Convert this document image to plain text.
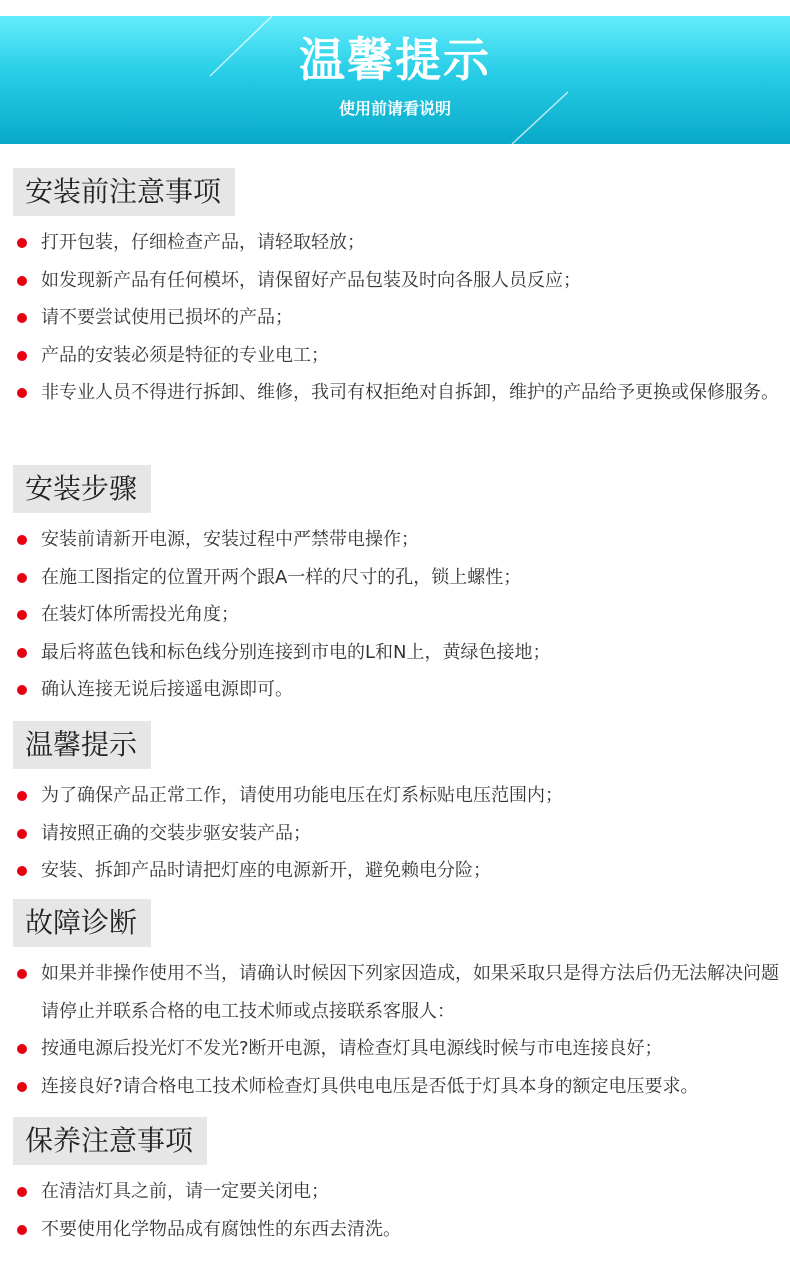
温馨提示
使用前请看说明
安装前注意事项
打开包装，仔细检查产品，请轻取轻放；
如发现新产品有任何模坏，请保留好产品包装及时向各服人员反应；
请不要尝试使用已损坏的产品；
产品的安装必须是特征的专业电工；
非专业人员不得进行拆卸、维修，我司有权拒绝对自拆卸，维护的产品给予更换或保修服务。
安装步骤
安装前请新开电源，安装过程中严禁带电操作；
在施工图指定的位置开两个跟A一样的尺寸的孔，锁上螺性；
在装灯体所需投光角度；
最后将蓝色钱和标色线分别连接到市电的L和N上，黄绿色接地；
确认连接无说后接遥电源即可。
温馨提示
为了确保产品正常工作，请使用功能电压在灯系标贴电压范围内；
请按照正确的交装步驱安装产品；
安装、拆卸产品时请把灯座的电源新开，避免赖电分险；
故障诊断
如果并非操作使用不当，请确认时候因下列家因造成，如果采取只是得方法后仍无法解决问题请停止并联系合格的电工技术师或点接联系客服人：
按通电源后投光灯不发光?断开电源，请检查灯具电源线时候与市电连接良好；
连接良好?请合格电工技术师检查灯具供电电压是否低于灯具本身的额定电压要求。
保养注意事项
在清洁灯具之前，请一定要关闭电；
不要使用化学物品成有腐蚀性的东西去清洗。
